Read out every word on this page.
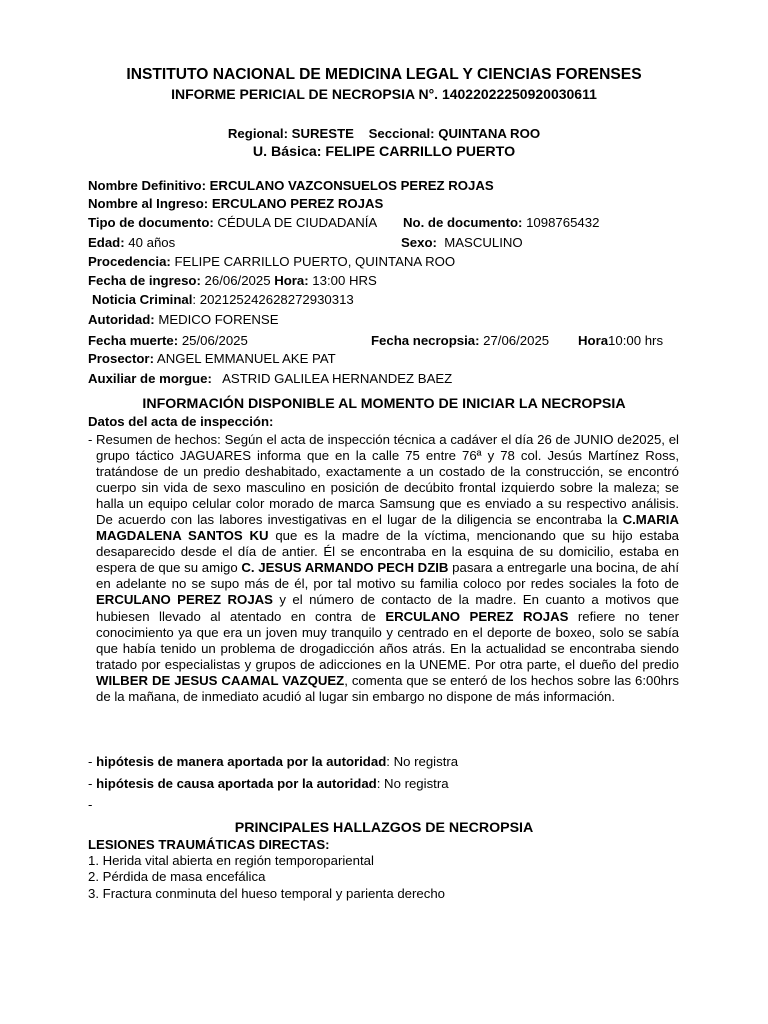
INSTITUTO NACIONAL DE MEDICINA LEGAL Y CIENCIAS FORENSES
INFORME PERICIAL DE NECROPSIA N°. 14022022250920030611
Regional: SURESTE Seccional: QUINTANA ROO
U. Básica: FELIPE CARRILLO PUERTO
Nombre Definitivo: ERCULANO VAZCONSUELOS PEREZ ROJAS
Nombre al Ingreso: ERCULANO PEREZ ROJAS
Tipo de documento: CÉDULA DE CIUDADANÍA No. de documento: 1098765432
Edad: 40 años	Sexo:  MASCULINO
Procedencia: FELIPE CARRILLO PUERTO, QUINTANA ROO
Fecha de ingreso: 26/06/2025 Hora: 13:00 HRS
Noticia Criminal: 202125242628272930313
Autoridad: MEDICO FORENSE
Fecha muerte: 25/06/2025	Fecha necropsia: 27/06/2025 Hora10:00 hrs
Prosector: ANGEL EMMANUEL AKE PAT
Auxiliar de morgue:   ASTRID GALILEA HERNANDEZ BAEZ
INFORMACIÓN DISPONIBLE AL MOMENTO DE INICIAR LA NECROPSIA
Datos del acta de inspección:
- Resumen de hechos: Según el acta de inspección técnica a cadáver el día 26 de JUNIO de2025, el grupo táctico JAGUARES informa que en la calle 75 entre 76ª y 78 col. Jesús Martínez Ross, tratándose de un predio deshabitado, exactamente a un costado de la construcción, se encontró cuerpo sin vida de sexo masculino en posición de decúbito frontal izquierdo sobre la maleza; se halla un equipo celular color morado de marca Samsung que es enviado a su respectivo análisis. De acuerdo con las labores investigativas en el lugar de la diligencia se encontraba la C.MARIA MAGDALENA SANTOS KU que es la madre de la víctima, mencionando que su hijo estaba desaparecido desde el día de antier. Él se encontraba en la esquina de su domicilio, estaba en espera de que su amigo C. JESUS ARMANDO PECH DZIB pasara a entregarle una bocina, de ahí en adelante no se supo más de él, por tal motivo su familia coloco por redes sociales la foto de ERCULANO PEREZ ROJAS y el número de contacto de la madre. En cuanto a motivos que hubiesen llevado al atentado en contra de ERCULANO PEREZ ROJAS refiere no tener conocimiento ya que era un joven muy tranquilo y centrado en el deporte de boxeo, solo se sabía que había tenido un problema de drogadicción años atrás. En la actualidad se encontraba siendo tratado por especialistas y grupos de adicciones en la UNEME. Por otra parte, el dueño del predio WILBER DE JESUS CAAMAL VAZQUEZ, comenta que se enteró de los hechos sobre las 6:00hrs de la mañana, de inmediato acudió al lugar sin embargo no dispone de más información.
- hipótesis de manera aportada por la autoridad: No registra
- hipótesis de causa aportada por la autoridad: No registra
-
PRINCIPALES HALLAZGOS DE NECROPSIA
LESIONES TRAUMÁTICAS DIRECTAS:
1. Herida vital abierta en región temporopariental
2. Pérdida de masa encefálica
3. Fractura conminuta del hueso temporal y parienta derecho
